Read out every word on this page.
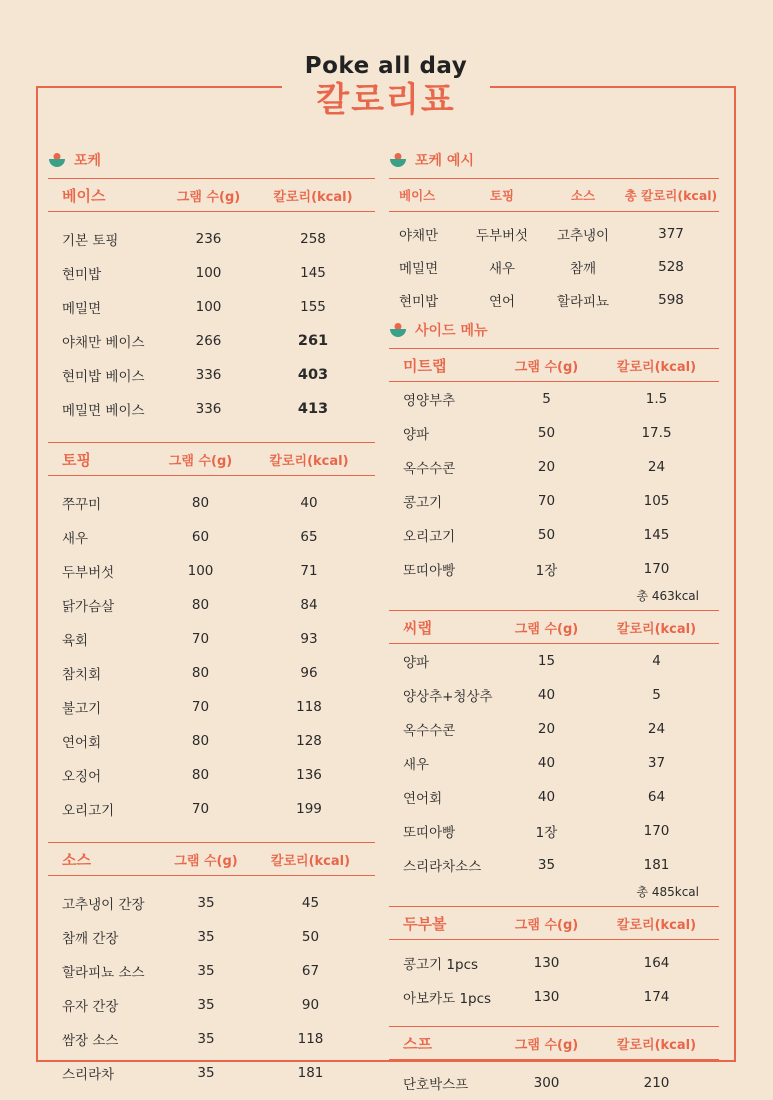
Poke all day
칼로리표
포케
베이스	그램 수(g)	칼로리(kcal)

기본 토핑	236	258
현미밥	100	145
메밀면	100	155
야채만 베이스	266	261
현미밥 베이스	336	403
메밀면 베이스	336	413
토핑	그램 수(g)	칼로리(kcal)

쭈꾸미	80	40
새우	60	65
두부버섯	100	71
닭가슴살	80	84
육회	70	93
참치회	80	96
불고기	70	118
연어회	80	128
오징어	80	136
오리고기	70	199
소스	그램 수(g)	칼로리(kcal)

고추냉이 간장	35	45
참깨 간장	35	50
할라피뇨 소스	35	67
유자 간장	35	90
쌈장 소스	35	118
스리라차	35	181
포케 예시
베이스	토핑	소스	총 칼로리(kcal)

야채만	두부버섯	고추냉이	377
메밀면	새우	참깨	528
현미밥	연어	할라피뇨	598
사이드 메뉴
미트랩	그램 수(g)	칼로리(kcal)
영양부추	5	1.5
양파	50	17.5
옥수수콘	20	24
콩고기	70	105
오리고기	50	145
또띠아빵	1장	170
총 463kcal
씨랩	그램 수(g)	칼로리(kcal)
양파	15	4
양상추+청상추	40	5
옥수수콘	20	24
새우	40	37
연어회	40	64
또띠아빵	1장	170
스리라차소스	35	181
총 485kcal
두부볼	그램 수(g)	칼로리(kcal)

콩고기 1pcs	130	164
아보카도 1pcs	130	174
스프	그램 수(g)	칼로리(kcal)

단호박스프	300	210
